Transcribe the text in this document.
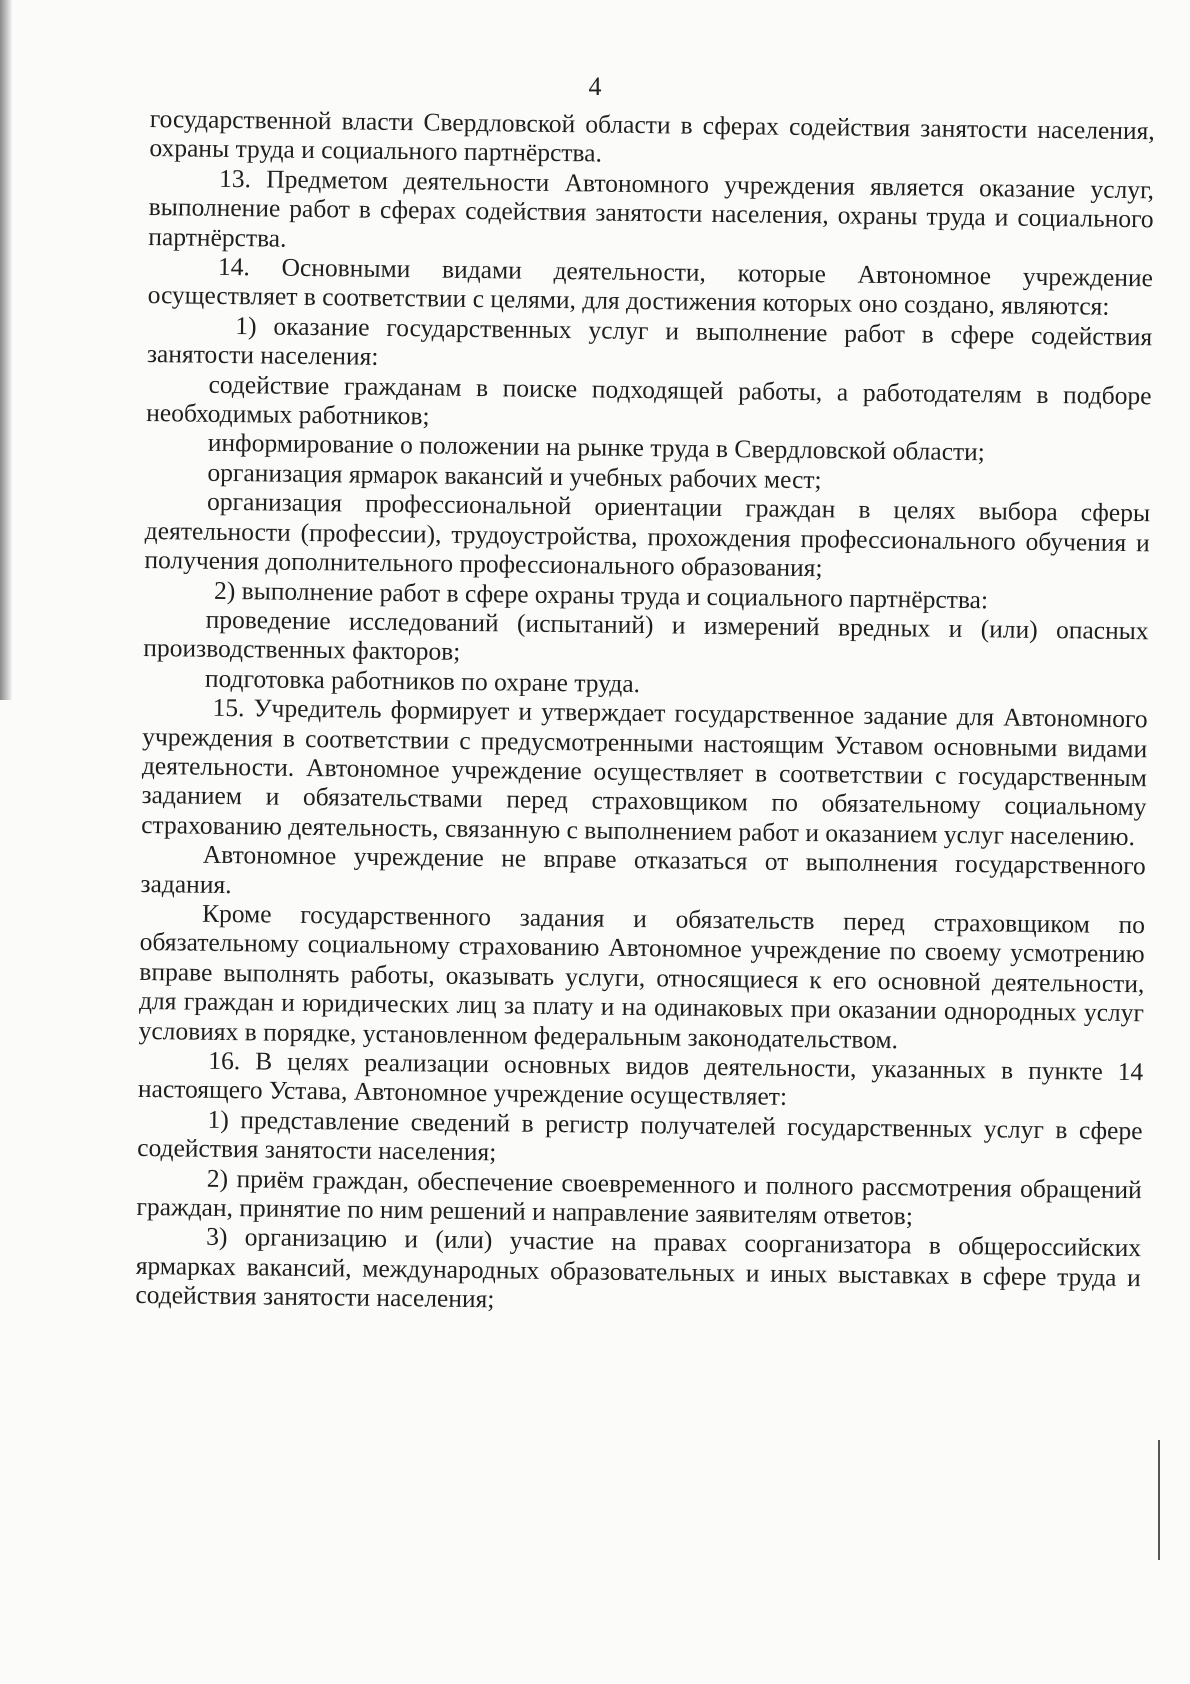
4

государственной власти Свердловской области в сферах содействия занятости населения, охраны труда и социального партнёрства.

13. Предметом деятельности Автономного учреждения является оказание услуг, выполнение работ в сферах содействия занятости населения, охраны труда и социального партнёрства.

14. Основными видами деятельности, которые Автономное учреждение осуществляет в соответствии с целями, для достижения которых оно создано, являются:

1) оказание государственных услуг и выполнение работ в сфере содействия занятости населения:

содействие гражданам в поиске подходящей работы, а работодателям в подборе необходимых работников;

информирование о положении на рынке труда в Свердловской области;

организация ярмарок вакансий и учебных рабочих мест;

организация профессиональной ориентации граждан в целях выбора сферы деятельности (профессии), трудоустройства, прохождения профессионального обучения и получения дополнительного профессионального образования;

2) выполнение работ в сфере охраны труда и социального партнёрства:

проведение исследований (испытаний) и измерений вредных и (или) опасных производственных факторов;

подготовка работников по охране труда.

15. Учредитель формирует и утверждает государственное задание для Автономного учреждения в соответствии с предусмотренными настоящим Уставом основными видами деятельности. Автономное учреждение осуществляет в соответствии с государственным заданием и обязательствами перед страховщиком по обязательному социальному страхованию деятельность, связанную с выполнением работ и оказанием услуг населению.

Автономное учреждение не вправе отказаться от выполнения государственного задания.

Кроме государственного задания и обязательств перед страховщиком по обязательному социальному страхованию Автономное учреждение по своему усмотрению вправе выполнять работы, оказывать услуги, относящиеся к его основной деятельности, для граждан и юридических лиц за плату и на одинаковых при оказании однородных услуг условиях в порядке, установленном федеральным законодательством.

16. В целях реализации основных видов деятельности, указанных в пункте 14 настоящего Устава, Автономное учреждение осуществляет:

1) представление сведений в регистр получателей государственных услуг в сфере содействия занятости населения;

2) приём граждан, обеспечение своевременного и полного рассмотрения обращений граждан, принятие по ним решений и направление заявителям ответов;

3) организацию и (или) участие на правах соорганизатора в общероссийских ярмарках вакансий, международных образовательных и иных выставках в сфере труда и содействия занятости населения;
